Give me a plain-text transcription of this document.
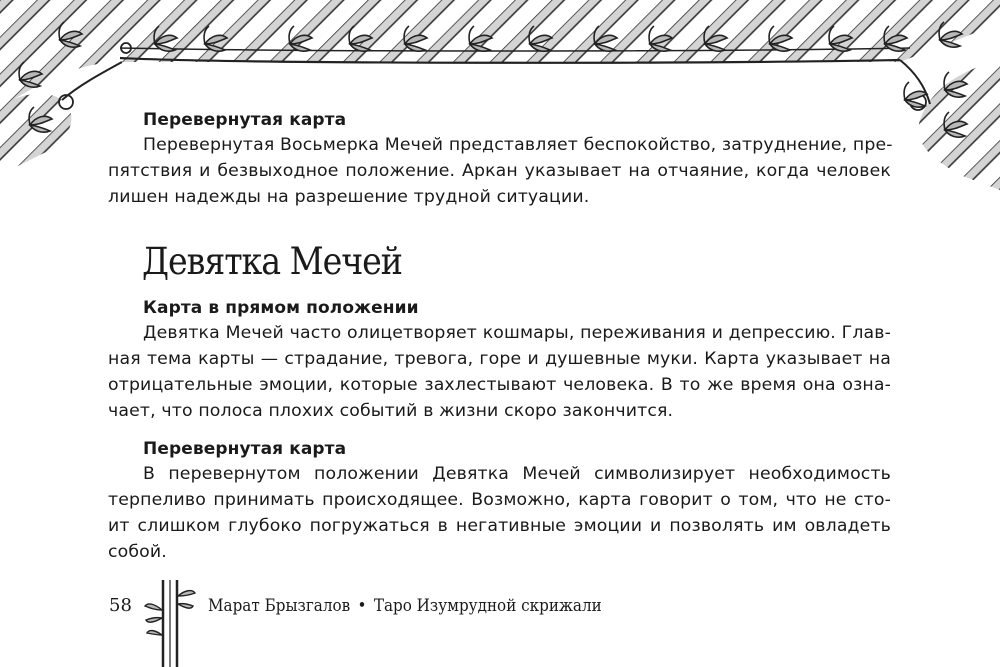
Перевернутая карта

Перевернутая Восьмерка Мечей представляет беспокойство, затруднение, пре-
пятствия и безвыходное положение. Аркан указывает на отчаяние, когда человек
лишен надежды на разрешение трудной ситуации.

Девятка Мечей

Карта в прямом положении

Девятка Мечей часто олицетворяет кошмары, переживания и депрессию. Глав-
ная тема карты — страдание, тревога, горе и душевные муки. Карта указывает на
отрицательные эмоции, которые захлестывают человека. В то же время она озна-
чает, что полоса плохих событий в жизни скоро закончится.

Перевернутая карта

В перевернутом положении Девятка Мечей символизирует необходимость
терпеливо принимать происходящее. Возможно, карта говорит о том, что не сто-
ит слишком глубоко погружаться в негативные эмоции и позволять им овладеть
собой.

58	Марат Брызгалов • Таро Изумрудной скрижали
